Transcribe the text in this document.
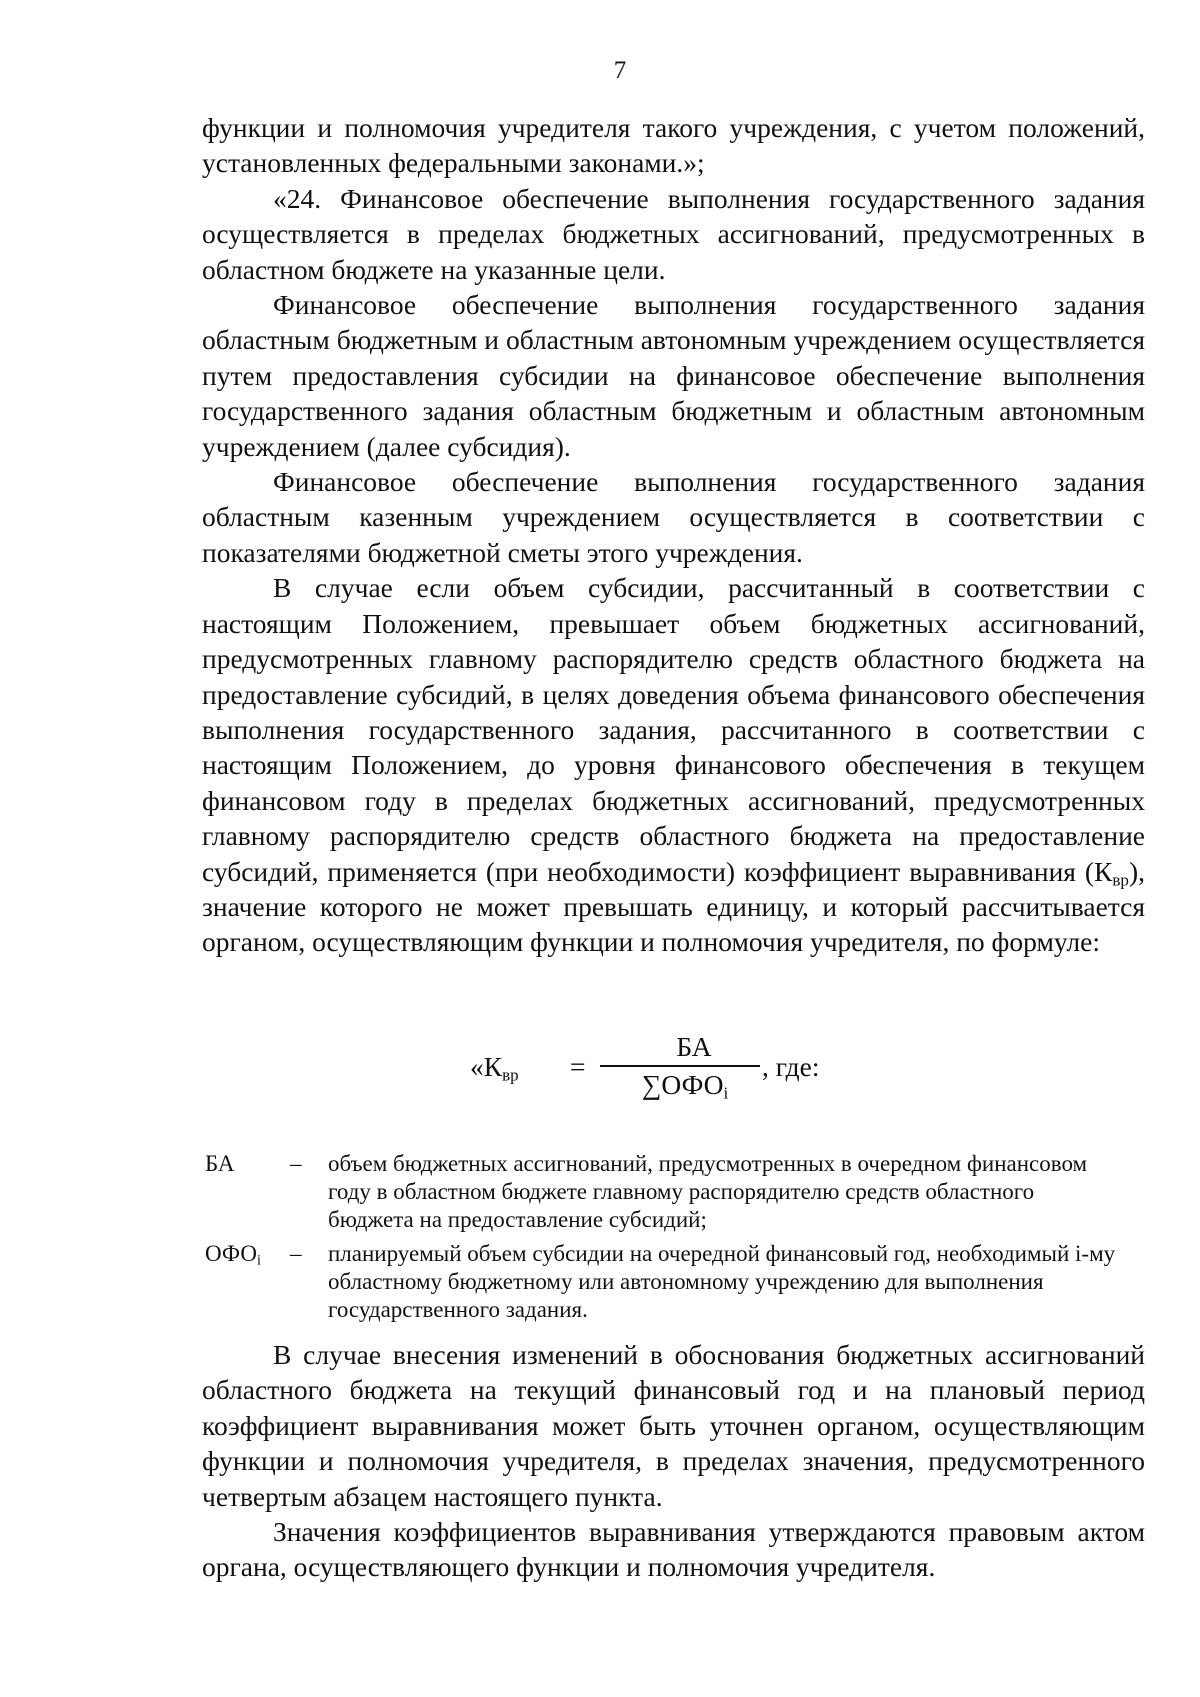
7

функции и полномочия учредителя такого учреждения, с учетом положений, установленных федеральными законами.»;

«24. Финансовое обеспечение выполнения государственного задания осуществляется в пределах бюджетных ассигнований, предусмотренных в областном бюджете на указанные цели.

Финансовое обеспечение выполнения государственного задания областным бюджетным и областным автономным учреждением осуществляется путем предоставления субсидии на финансовое обеспечение выполнения государственного задания областным бюджетным и областным автономным учреждением (далее субсидия).

Финансовое обеспечение выполнения государственного задания областным казенным учреждением осуществляется в соответствии с показателями бюджетной сметы этого учреждения.

В случае если объем субсидии, рассчитанный в соответствии с настоящим Положением, превышает объем бюджетных ассигнований, предусмотренных главному распорядителю средств областного бюджета на предоставление субсидий, в целях доведения объема финансового обеспечения выполнения государственного задания, рассчитанного в соответствии с настоящим Положением, до уровня финансового обеспечения в текущем финансовом году в пределах бюджетных ассигнований, предусмотренных главному распорядителю средств областного бюджета на предоставление субсидий, применяется (при необходимости) коэффициент выравнивания $(К_{вр})$, значение которого не может превышать единицу, и который рассчитывается органом, осуществляющим функции и полномочия учредителя, по формуле:

«$К_{вр}$ =
БА
$\sum ОФО_i$
, где:
БА	–	объем бюджетных ассигнований, предусмотренных в очередном финансовом году в областном бюджете главному распорядителю средств областного бюджета на предоставление субсидий;
$ОФО_i$	–	планируемый объем субсидии на очередной финансовый год, необходимый i-му областному бюджетному или автономному учреждению для выполнения государственного задания.

В случае внесения изменений в обоснования бюджетных ассигнований областного бюджета на текущий финансовый год и на плановый период коэффициент выравнивания может быть уточнен органом, осуществляющим функции и полномочия учредителя, в пределах значения, предусмотренного четвертым абзацем настоящего пункта.

Значения коэффициентов выравнивания утверждаются правовым актом органа, осуществляющего функции и полномочия учредителя.
